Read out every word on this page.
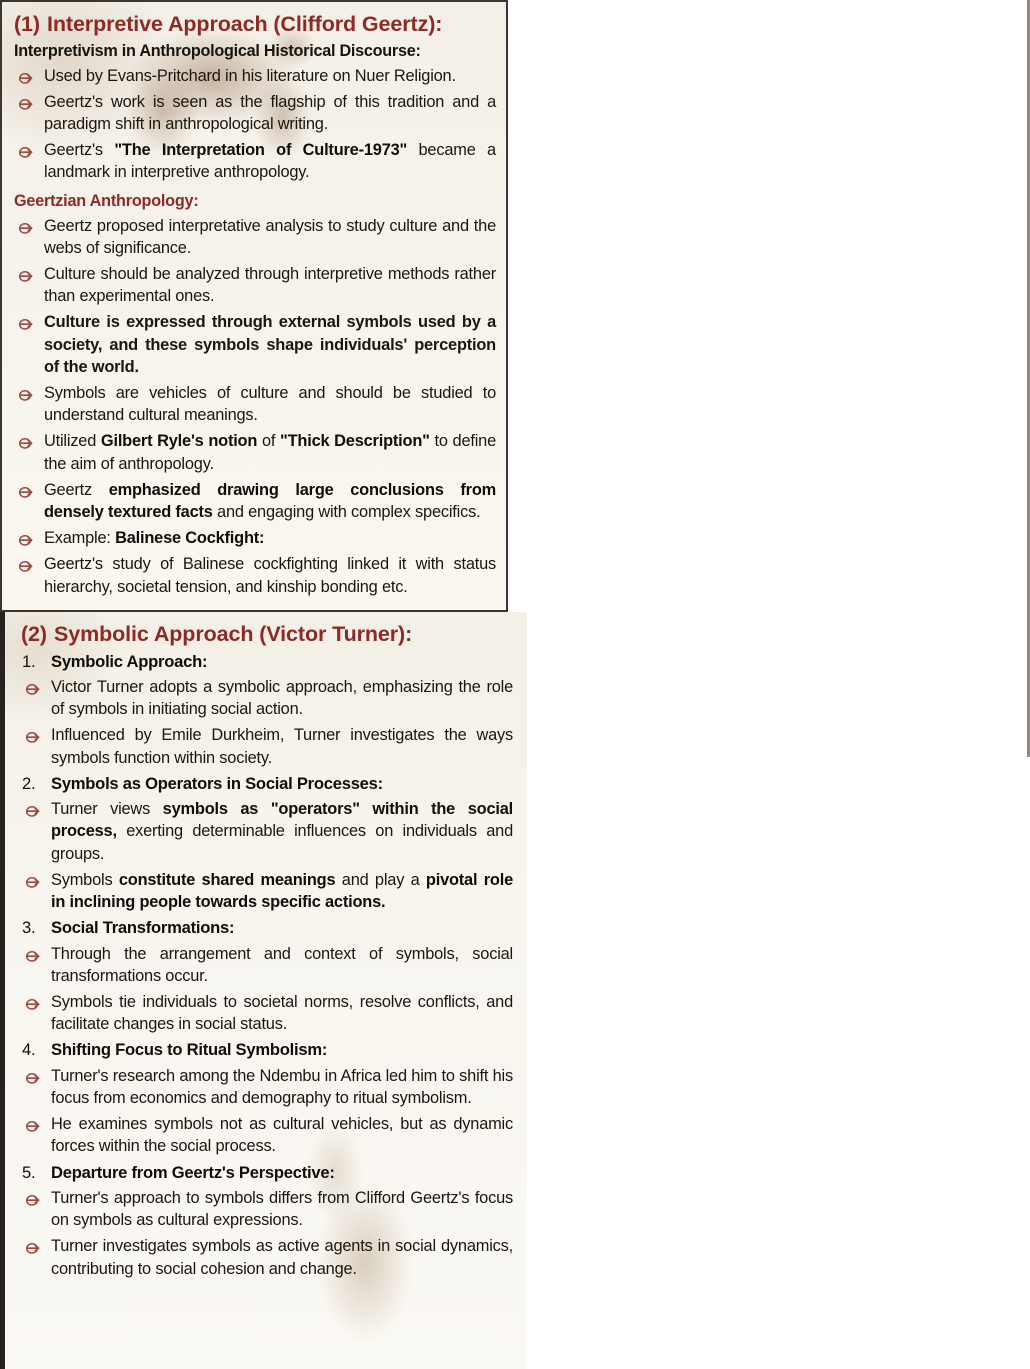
(1) Interpretive Approach (Clifford Geertz):
Interpretivism in Anthropological Historical Discourse:

Used by Evans-Pritchard in his literature on Nuer Religion.

Geertz's work is seen as the flagship of this tradition and a paradigm shift in anthropological writing.

Geertz's "The Interpretation of Culture-1973" became a landmark in interpretive anthropology.

Geertzian Anthropology:

Geertz proposed interpretative analysis to study culture and the webs of significance.

Culture should be analyzed through interpretive methods rather than experimental ones.

Culture is expressed through external symbols used by a society, and these symbols shape individuals' perception of the world.

Symbols are vehicles of culture and should be studied to understand cultural meanings.

Utilized Gilbert Ryle's notion of "Thick Description" to define the aim of anthropology.

Geertz emphasized drawing large conclusions from densely textured facts and engaging with complex specifics.

Example: Balinese Cockfight:

Geertz's study of Balinese cockfighting linked it with status hierarchy, societal tension, and kinship bonding etc.

(2) Symbolic Approach (Victor Turner):
1. Symbolic Approach:

Victor Turner adopts a symbolic approach, emphasizing the role of symbols in initiating social action.

Influenced by Emile Durkheim, Turner investigates the ways symbols function within society.

2. Symbols as Operators in Social Processes:

Turner views symbols as "operators" within the social process, exerting determinable influences on individuals and groups.

Symbols constitute shared meanings and play a pivotal role in inclining people towards specific actions.

3. Social Transformations:

Through the arrangement and context of symbols, social transformations occur.

Symbols tie individuals to societal norms, resolve conflicts, and facilitate changes in social status.

4. Shifting Focus to Ritual Symbolism:

Turner's research among the Ndembu in Africa led him to shift his focus from economics and demography to ritual symbolism.

He examines symbols not as cultural vehicles, but as dynamic forces within the social process.

5. Departure from Geertz's Perspective:

Turner's approach to symbols differs from Clifford Geertz's focus on symbols as cultural expressions.

Turner investigates symbols as active agents in social dynamics, contributing to social cohesion and change.
